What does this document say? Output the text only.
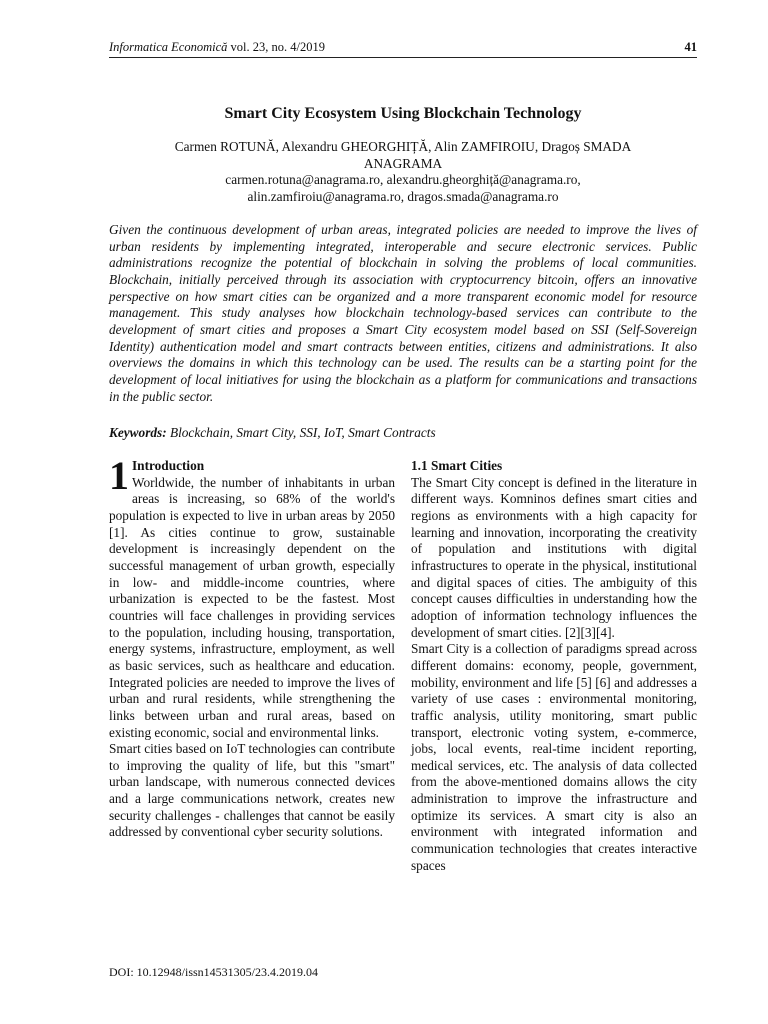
Informatica Economică vol. 23, no. 4/2019	41
Smart City Ecosystem Using Blockchain Technology
Carmen ROTUNĂ, Alexandru GHEORGHIȚĂ, Alin ZAMFIROIU, Dragoș SMADA
ANAGRAMA
carmen.rotuna@anagrama.ro, alexandru.gheorghiță@anagrama.ro,
alin.zamfiroiu@anagrama.ro, dragos.smada@anagrama.ro
Given the continuous development of urban areas, integrated policies are needed to improve the lives of urban residents by implementing integrated, interoperable and secure electronic services. Public administrations recognize the potential of blockchain in solving the problems of local communities. Blockchain, initially perceived through its association with cryptocurrency bitcoin, offers an innovative perspective on how smart cities can be organized and a more transparent economic model for resource management. This study analyses how blockchain technology-based services can contribute to the development of smart cities and proposes a Smart City ecosystem model based on SSI (Self-Sovereign Identity) authentication model and smart contracts between entities, citizens and administrations. It also overviews the domains in which this technology can be used. The results can be a starting point for the development of local initiatives for using the blockchain as a platform for communications and transactions in the public sector.
Keywords: Blockchain, Smart City, SSI, IoT, Smart Contracts

1 Introduction
Worldwide, the number of inhabitants in urban areas is increasing, so 68% of the world's population is expected to live in urban areas by 2050 [1]. As cities continue to grow, sustainable development is increasingly dependent on the successful management of urban growth, especially in low- and middle-income countries, where urbanization is expected to be the fastest. Most countries will face challenges in providing services to the population, including housing, transportation, energy systems, infrastructure, employment, as well as basic services, such as healthcare and education. Integrated policies are needed to improve the lives of urban and rural residents, while strengthening the links between urban and rural areas, based on existing economic, social and environmental links.

Smart cities based on IoT technologies can contribute to improving the quality of life, but this "smart" urban landscape, with numerous connected devices and a large communications network, creates new security challenges - challenges that cannot be easily addressed by conventional cyber security solutions.

1.1 Smart Cities

The Smart City concept is defined in the literature in different ways. Komninos defines smart cities and regions as environments with a high capacity for learning and innovation, incorporating the creativity of population and institutions with digital infrastructures to operate in the physical, institutional and digital spaces of cities. The ambiguity of this concept causes difficulties in understanding how the adoption of information technology influences the development of smart cities. [2][3][4].

Smart City is a collection of paradigms spread across different domains: economy, people, government, mobility, environment and life [5] [6] and addresses a variety of use cases : environmental monitoring, traffic analysis, utility monitoring, smart public transport, electronic voting system, e-commerce, jobs, local events, real-time incident reporting, medical services, etc. The analysis of data collected from the above-mentioned domains allows the city administration to improve the infrastructure and optimize its services. A smart city is also an environment with integrated information and communication technologies that creates interactive spaces

DOI: 10.12948/issn14531305/23.4.2019.04
